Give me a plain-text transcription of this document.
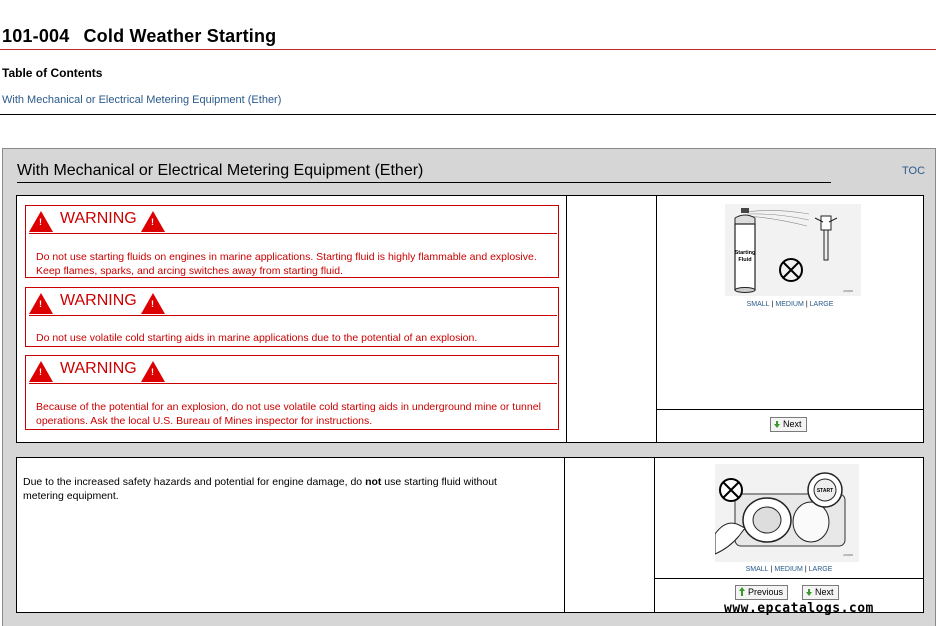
101-004 Cold Weather Starting
Table of Contents
With Mechanical or Electrical Metering Equipment (Ether)
With Mechanical or Electrical Metering Equipment (Ether)	TOC
!
WARNING
!
Do not use starting fluids on engines in marine applications. Starting fluid is highly flammable and explosive. Keep flames, sparks, and arcing switches away from starting fluid.
!
WARNING
!
Do not use volatile cold starting aids in marine applications due to the potential of an explosion.
!
WARNING
!
Because of the potential for an explosion, do not use volatile cold starting aids in underground mine or tunnel operations. Ask the local U.S. Bureau of Mines inspector for instructions.
Starting
Fluid
c00000
SMALL | MEDIUM | LARGE
Next
Due to the increased safety hazards and potential for engine damage, do not use starting fluid without metering equipment.	START
c00000
SMALL | MEDIUM | LARGE
Previous	Next
www.epcatalogs.com
